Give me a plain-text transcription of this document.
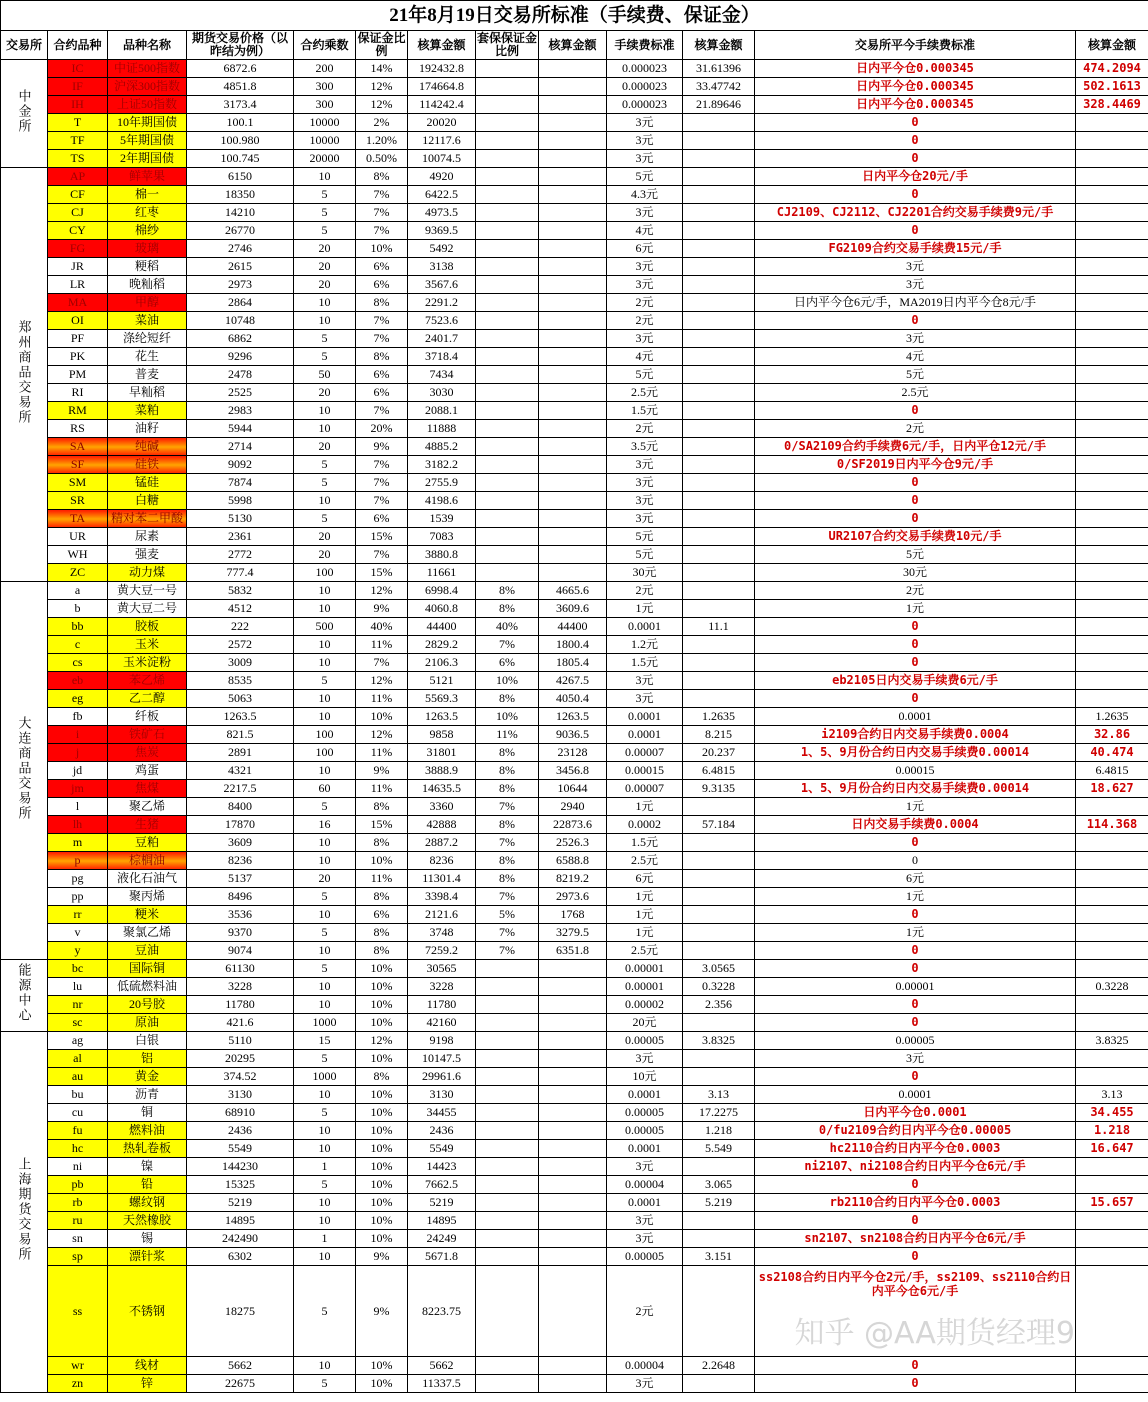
21年8月19日交易所标准（手续费、保证金）												
交易所	合约品种	品种名称	期货交易价格（以昨结为例）	合约乘数	保证金比例	核算金额	套保保证金比例	核算金额	手续费标准	核算金额	交易所平今手续费标准	核算金额
中金所	IC	中证500指数	6872.6	200	14%	192432.8			0.000023	31.61396	日内平今仓0.000345	474.2094
	IF	沪深300指数	4851.8	300	12%	174664.8			0.000023	33.47742	日内平今仓0.000345	502.1613
	IH	上证50指数	3173.4	300	12%	114242.4			0.000023	21.89646	日内平今仓0.000345	328.4469
	T	10年期国债	100.1	10000	2%	20020			3元		0	
	TF	5年期国债	100.980	10000	1.20%	12117.6			3元		0	
	TS	2年期国债	100.745	20000	0.50%	10074.5			3元		0	
郑州商品交易所	AP	鲜苹果	6150	10	8%	4920			5元		日内平今仓20元/手	
	CF	棉一	18350	5	7%	6422.5			4.3元		0	
	CJ	红枣	14210	5	7%	4973.5			3元		CJ2109、CJ2112、CJ2201合约交易手续费9元/手	
	CY	棉纱	26770	5	7%	9369.5			4元		0	
	FG	玻璃	2746	20	10%	5492			6元		FG2109合约交易手续费15元/手	
	JR	粳稻	2615	20	6%	3138			3元		3元	
	LR	晚籼稻	2973	20	6%	3567.6			3元		3元	
	MA	甲醇	2864	10	8%	2291.2			2元		日内平今仓6元/手，MA2019日内平今仓8元/手	
	OI	菜油	10748	10	7%	7523.6			2元		0	
	PF	涤纶短纤	6862	5	7%	2401.7			3元		3元	
	PK	花生	9296	5	8%	3718.4			4元		4元	
	PM	普麦	2478	50	6%	7434			5元		5元	
	RI	早籼稻	2525	20	6%	3030			2.5元		2.5元	
	RM	菜粕	2983	10	7%	2088.1			1.5元		0	
	RS	油籽	5944	10	20%	11888			2元		2元	
	SA	纯碱	2714	20	9%	4885.2			3.5元		0/SA2109合约手续费6元/手，日内平仓12元/手	
	SF	硅铁	9092	5	7%	3182.2			3元		0/SF2019日内平今仓9元/手	
	SM	锰硅	7874	5	7%	2755.9			3元		0	
	SR	白糖	5998	10	7%	4198.6			3元		0	
	TA	精对苯二甲酸	5130	5	6%	1539			3元		0	
	UR	尿素	2361	20	15%	7083			5元		UR2107合约交易手续费10元/手	
	WH	强麦	2772	20	7%	3880.8			5元		5元	
	ZC	动力煤	777.4	100	15%	11661			30元		30元	
大连商品交易所	a	黄大豆一号	5832	10	12%	6998.4	8%	4665.6	2元		2元	
	b	黄大豆二号	4512	10	9%	4060.8	8%	3609.6	1元		1元	
	bb	胶板	222	500	40%	44400	40%	44400	0.0001	11.1	0	
	c	玉米	2572	10	11%	2829.2	7%	1800.4	1.2元		0	
	cs	玉米淀粉	3009	10	7%	2106.3	6%	1805.4	1.5元		0	
	eb	苯乙烯	8535	5	12%	5121	10%	4267.5	3元		eb2105日内交易手续费6元/手	
	eg	乙二醇	5063	10	11%	5569.3	8%	4050.4	3元		0	
	fb	纤板	1263.5	10	10%	1263.5	10%	1263.5	0.0001	1.2635	0.0001	1.2635
	i	铁矿石	821.5	100	12%	9858	11%	9036.5	0.0001	8.215	i2109合约日内交易手续费0.0004	32.86
	j	焦炭	2891	100	11%	31801	8%	23128	0.00007	20.237	1、5、9月份合约日内交易手续费0.00014	40.474
	jd	鸡蛋	4321	10	9%	3888.9	8%	3456.8	0.00015	6.4815	0.00015	6.4815
	jm	焦煤	2217.5	60	11%	14635.5	8%	10644	0.00007	9.3135	1、5、9月份合约日内交易手续费0.00014	18.627
	l	聚乙烯	8400	5	8%	3360	7%	2940	1元		1元	
	lh	生猪	17870	16	15%	42888	8%	22873.6	0.0002	57.184	日内交易手续费0.0004	114.368
	m	豆粕	3609	10	8%	2887.2	7%	2526.3	1.5元		0	
	p	棕榈油	8236	10	10%	8236	8%	6588.8	2.5元		0	
	pg	液化石油气	5137	20	11%	11301.4	8%	8219.2	6元		6元	
	pp	聚丙烯	8496	5	8%	3398.4	7%	2973.6	1元		1元	
	rr	粳米	3536	10	6%	2121.6	5%	1768	1元		0	
	v	聚氯乙烯	9370	5	8%	3748	7%	3279.5	1元		1元	
	y	豆油	9074	10	8%	7259.2	7%	6351.8	2.5元		0	
能源中心	bc	国际铜	61130	5	10%	30565			0.00001	3.0565	0	
	lu	低硫燃料油	3228	10	10%	3228			0.00001	0.3228	0.00001	0.3228
	nr	20号胶	11780	10	10%	11780			0.00002	2.356	0	
	sc	原油	421.6	1000	10%	42160			20元		0	
上海期货交易所	ag	白银	5110	15	12%	9198			0.00005	3.8325	0.00005	3.8325
	al	铝	20295	5	10%	10147.5			3元		3元	
	au	黄金	374.52	1000	8%	29961.6			10元		0	
	bu	沥青	3130	10	10%	3130			0.0001	3.13	0.0001	3.13
	cu	铜	68910	5	10%	34455			0.00005	17.2275	日内平今仓0.0001	34.455
	fu	燃料油	2436	10	10%	2436			0.00005	1.218	0/fu2109合约日内平今仓0.00005	1.218
	hc	热轧卷板	5549	10	10%	5549			0.0001	5.549	hc2110合约日内平今仓0.0003	16.647
	ni	镍	144230	1	10%	14423			3元		ni2107、ni2108合约日内平今仓6元/手	
	pb	铅	15325	5	10%	7662.5			0.00004	3.065	0	
	rb	螺纹钢	5219	10	10%	5219			0.0001	5.219	rb2110合约日内平今仓0.0003	15.657
	ru	天然橡胶	14895	10	10%	14895			3元		0	
	sn	锡	242490	1	10%	24249			3元		sn2107、sn2108合约日内平今仓6元/手	
	sp	漂针浆	6302	10	9%	5671.8			0.00005	3.151	0	
	ss	不锈钢	18275	5	9%	8223.75			2元		ss2108合约日内平今仓2元/手，ss2109、ss2110合约日内平今仓6元/手	
	wr	线材	5662	10	10%	5662			0.00004	2.2648	0	
	zn	锌	22675	5	10%	11337.5			3元		0	
知乎 @AA期货经理9
